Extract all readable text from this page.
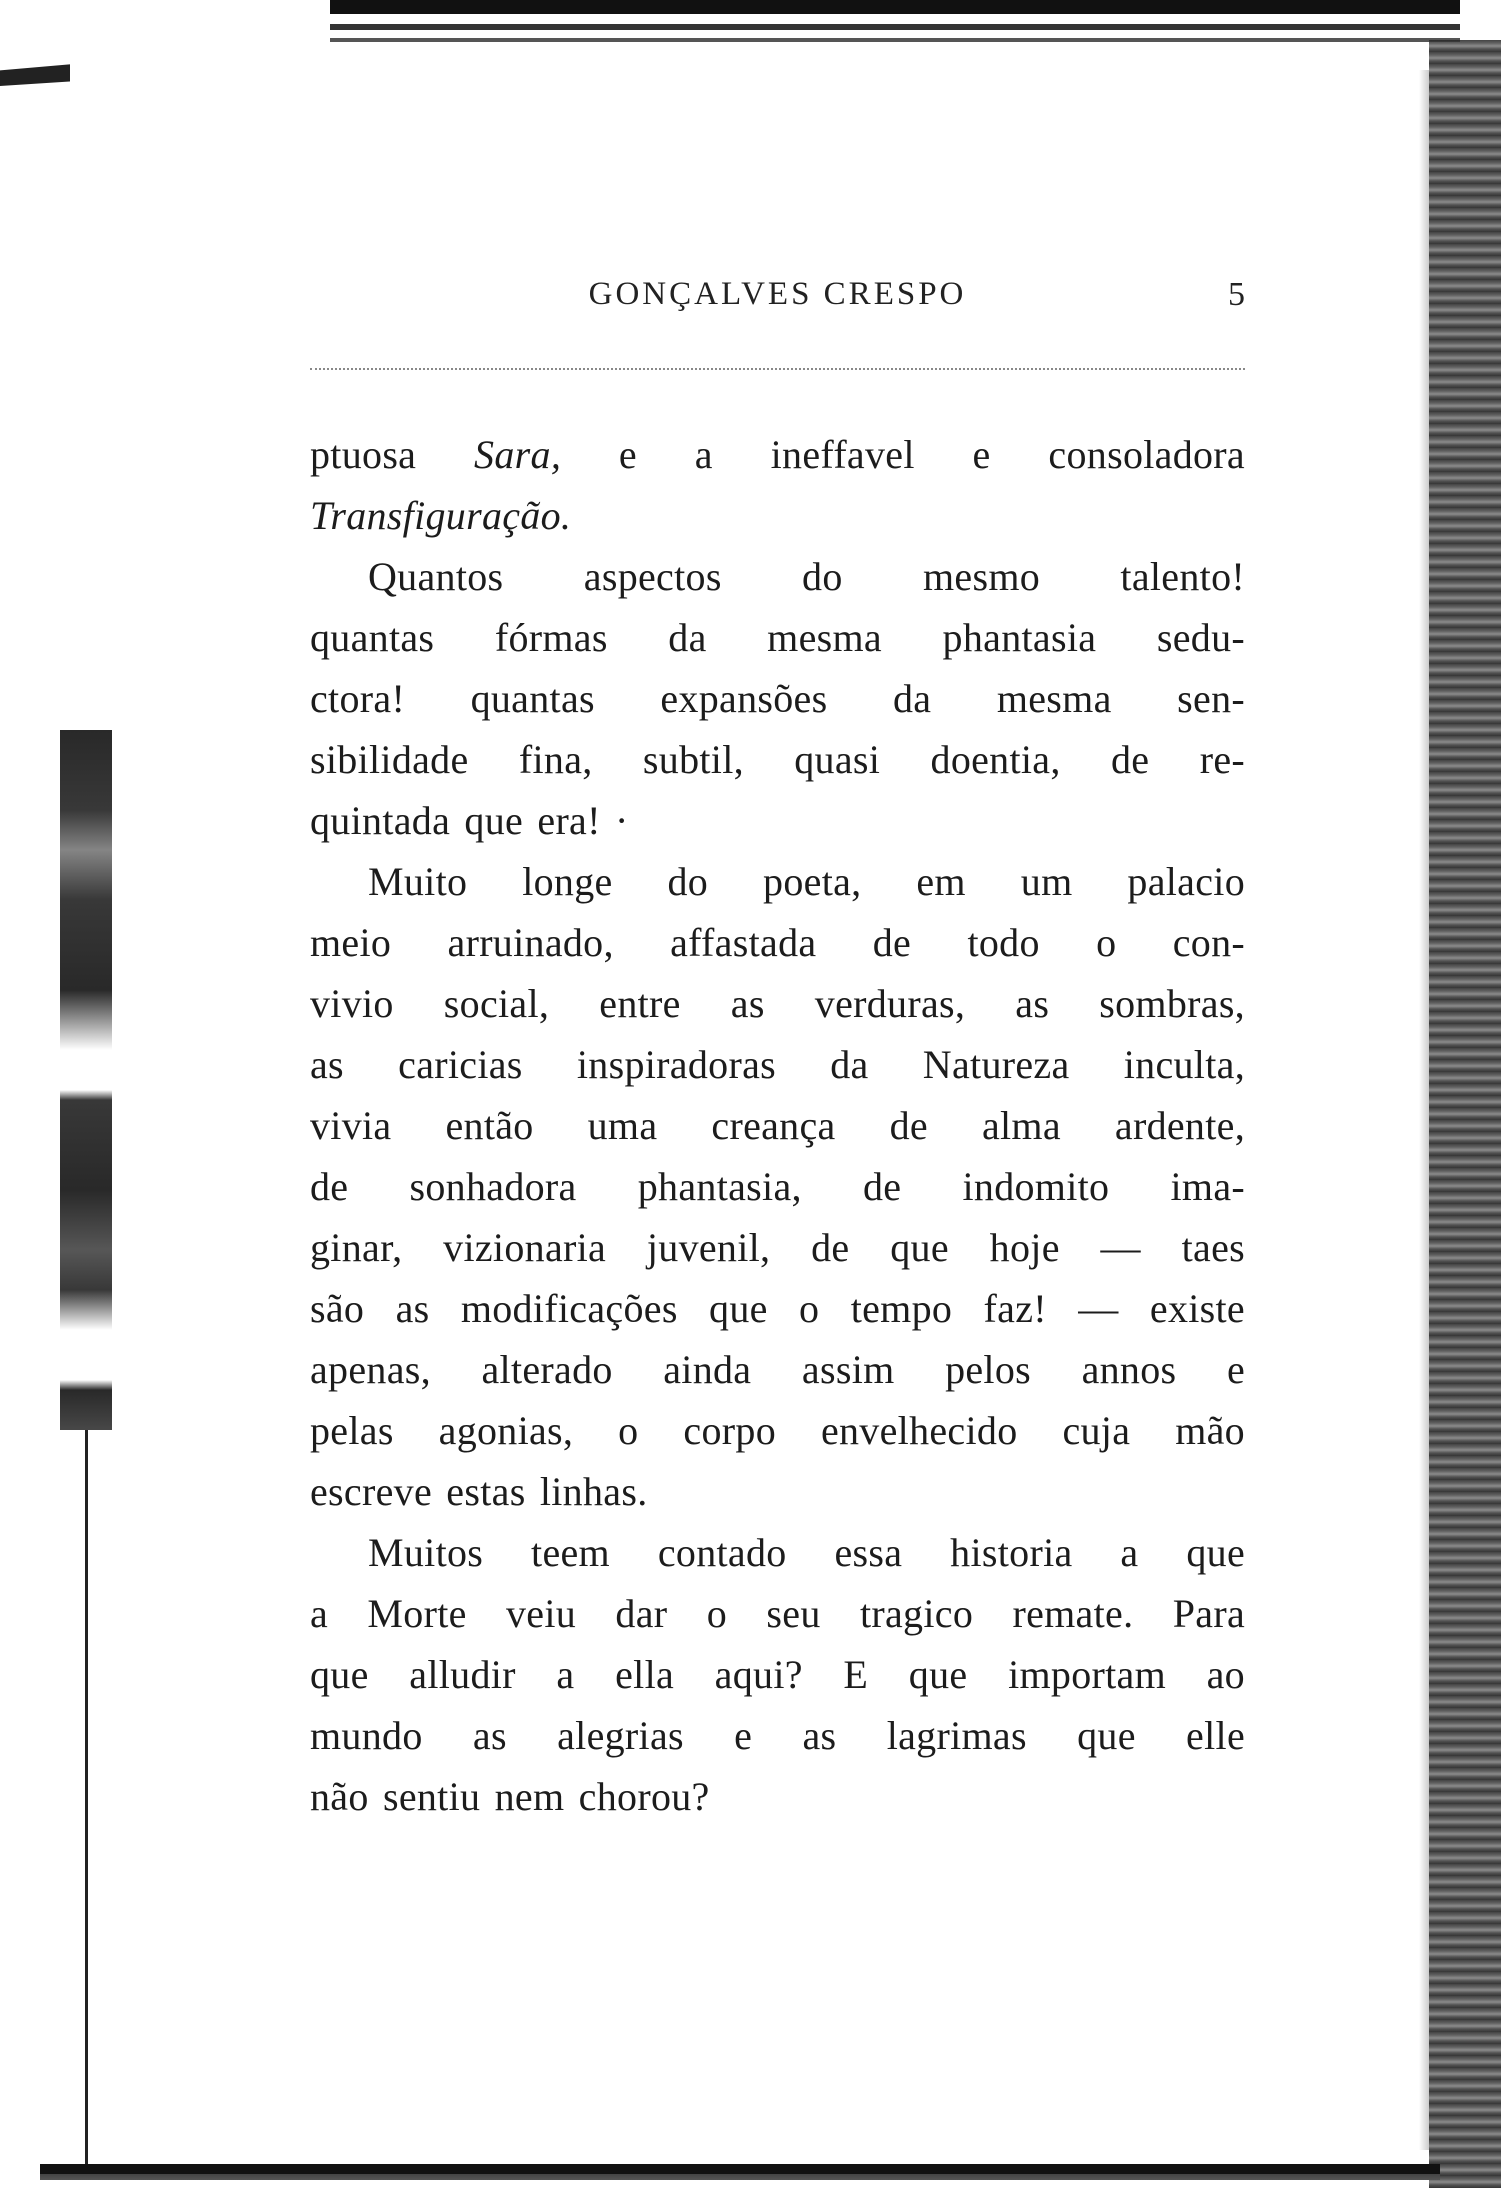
GONÇALVES CRESPO	5
ptuosa Sara, e a ineffavel e consoladora
Transfiguração.
Quantos aspectos do mesmo talento!
quantas fórmas da mesma phantasia sedu-
ctora! quantas expansões da mesma sen-
sibilidade fina, subtil, quasi doentia, de re-
quintada que era! ·
Muito longe do poeta, em um palacio
meio arruinado, affastada de todo o con-
vivio social, entre as verduras, as sombras,
as caricias inspiradoras da Natureza inculta,
vivia então uma creança de alma ardente,
de sonhadora phantasia, de indomito ima-
ginar, vizionaria juvenil, de que hoje — taes
são as modificações que o tempo faz! — existe
apenas, alterado ainda assim pelos annos e
pelas agonias, o corpo envelhecido cuja mão
escreve estas linhas.
Muitos teem contado essa historia a que
a Morte veiu dar o seu tragico remate. Para
que alludir a ella aqui? E que importam ao
mundo as alegrias e as lagrimas que elle
não sentiu nem chorou?
